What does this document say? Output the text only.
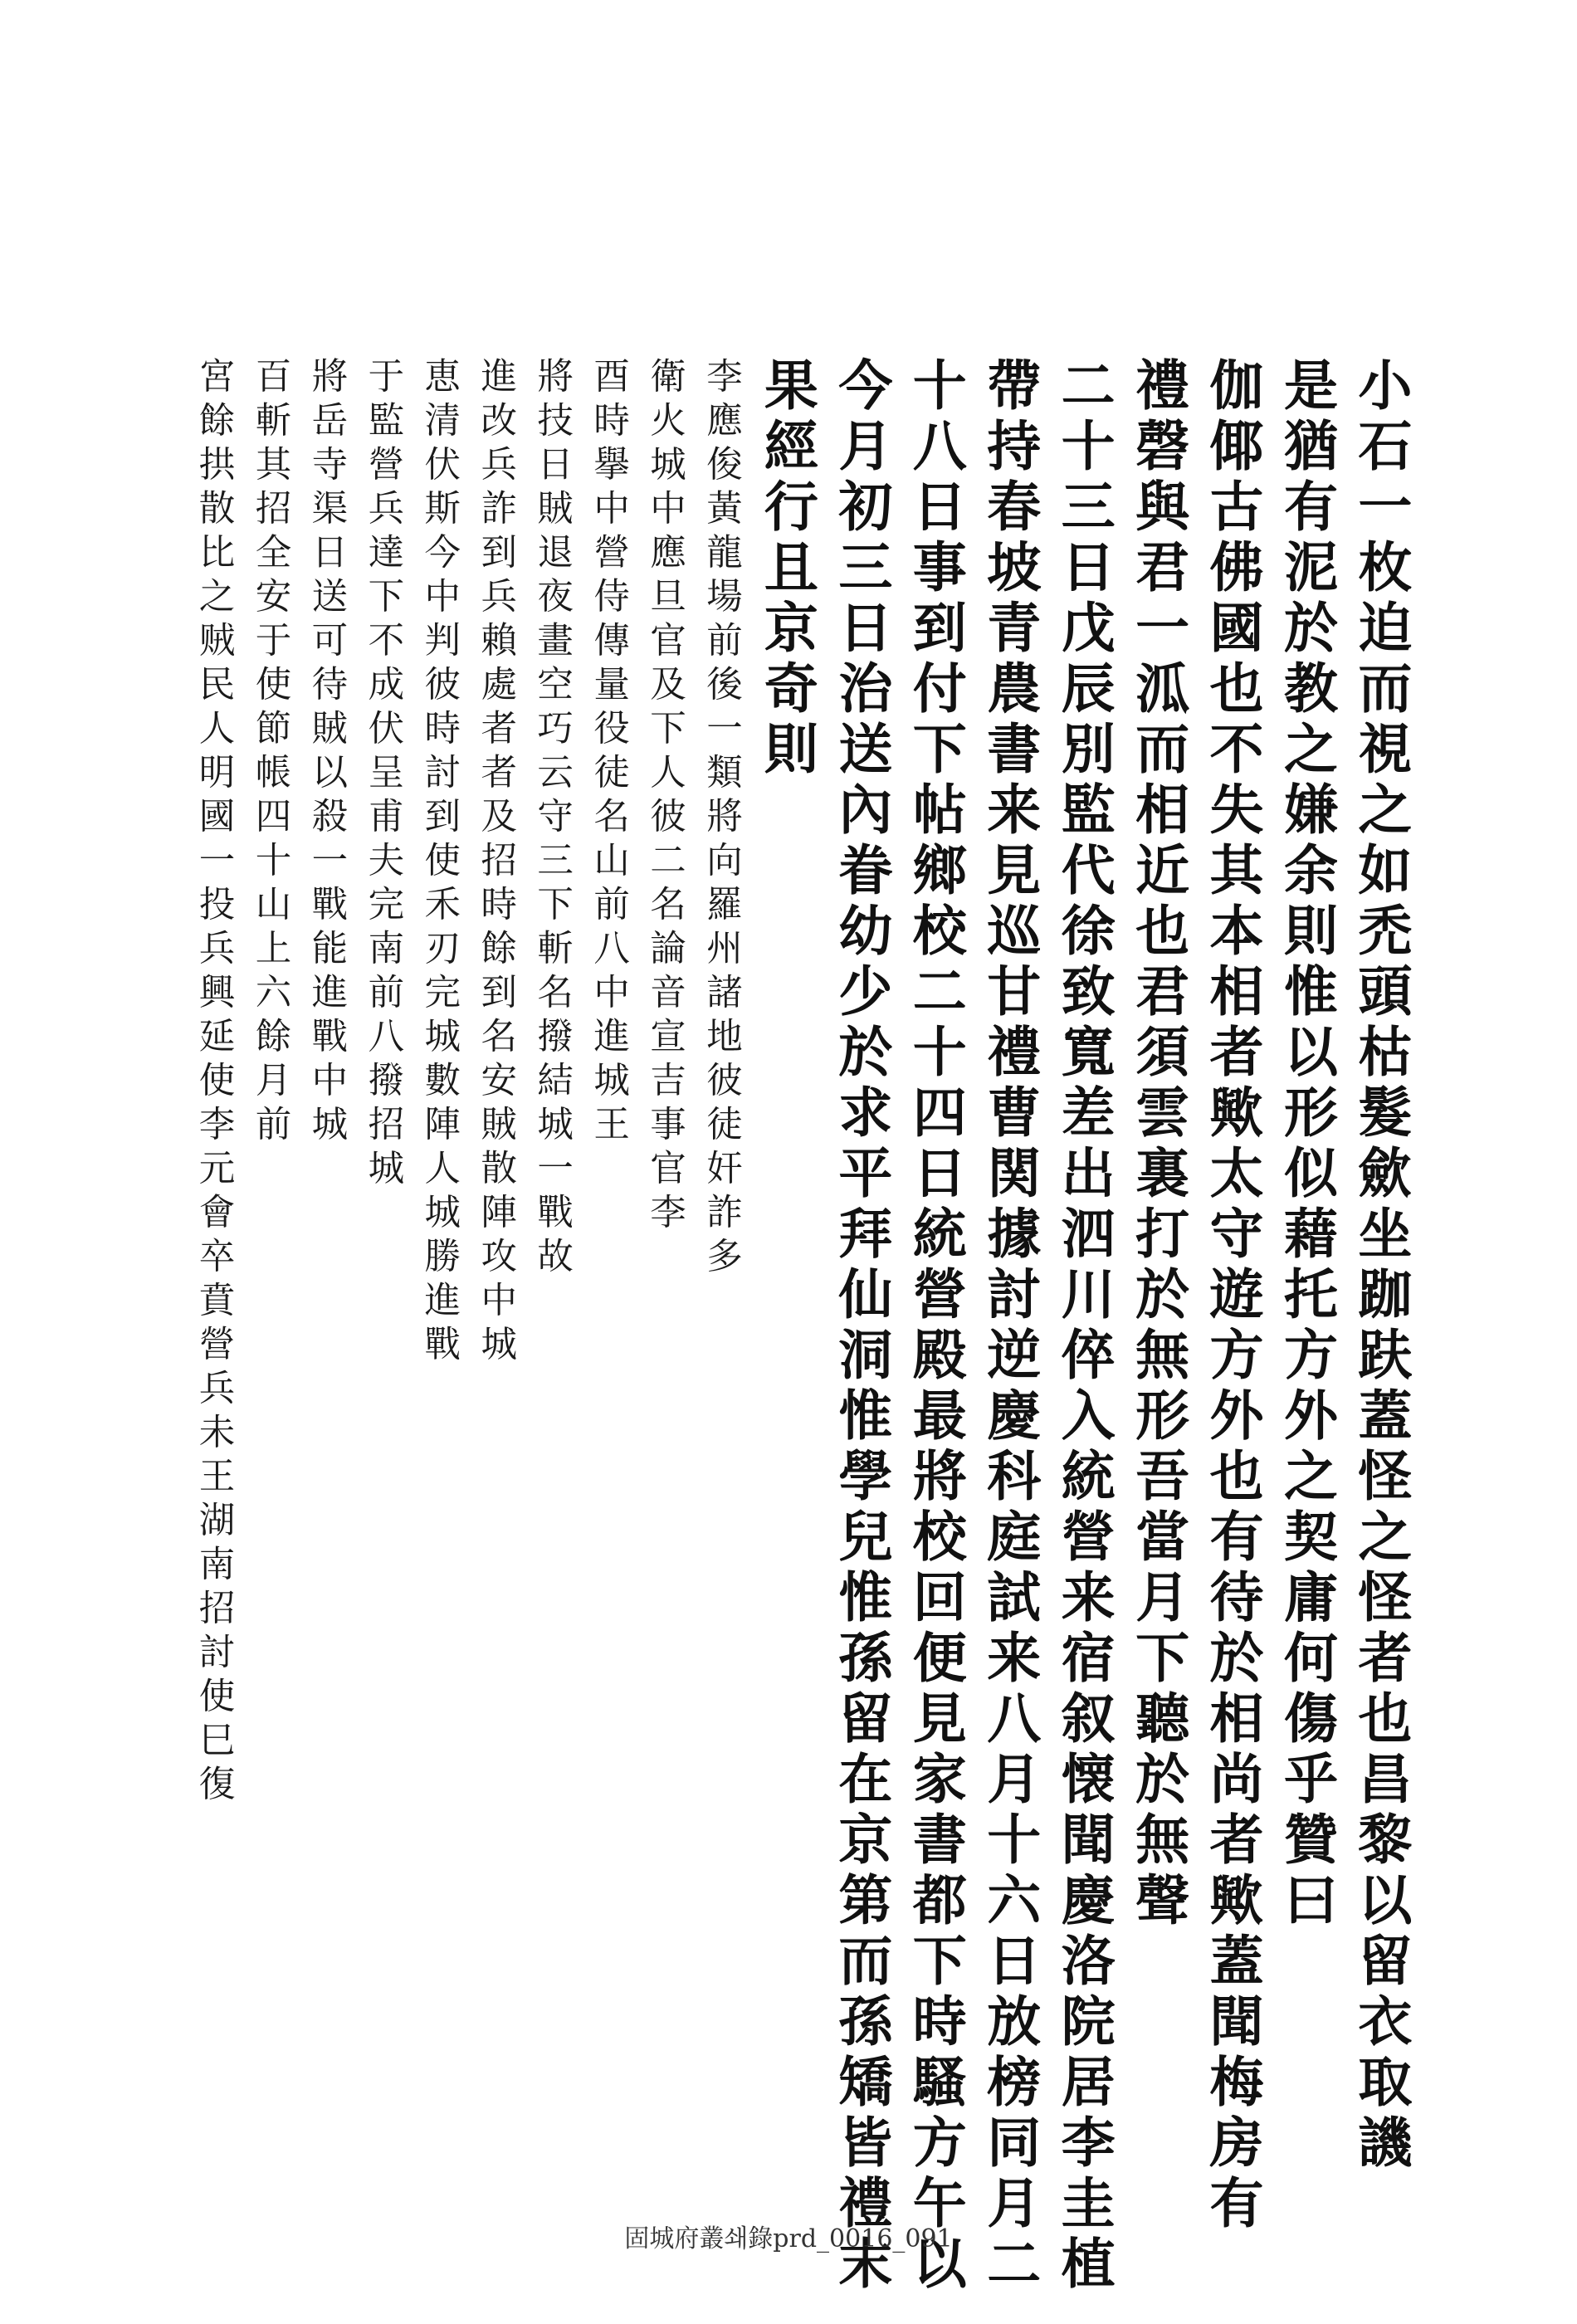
小石一枚迫而視之如禿頭枯髮歛坐跏趺蓋怪之怪者也昌黎以留衣取譏
是猶有泥於教之嫌余則惟以形似藉托方外之契庸何傷乎贊曰
伽倻古佛國也不失其本相者歟太守遊方外也有待於相尚者歟蓋聞梅房有
禮磬與君一泒而相近也君須雲裏打於無形吾當月下聽於無聲
二十三日戊辰別監代徐致寬差出泗川倅入統營来宿叙懐聞慶洛院居李圭植
帶持春坡青農書来見巡甘禮曹関據討逆慶科庭試来八月十六日放榜同月二
十八日事到付下帖鄉校二十四日統營殿最將校回便見家書都下時騷方午以
今月初三日治送內眷幼少於求平拜仙洞惟學兒惟孫留在京第而孫矯皆禮末
果經行且京奇則
李應俊黃龍場前後一類將向羅州諸地彼徒奸詐多
衛火城中應旦官及下人彼二名論音宣吉事官李
酉時擧中營侍傳量役徒名山前八中進城王
將技日賊退夜畫空巧云守三下斬名撥結城一戰故
進改兵詐到兵賴處者者及招時餘到名安賊散陣攻中城
恵清伏斯今中判彼時討到使禾刃完城數陣人城勝進戰
于監營兵達下不成伏呈甫夫完南前八撥招城
將岳寺渠日送可待賊以殺一戰能進戰中城
百斬其招全安于使節帳四十山上六餘月前
宮餘拱散比之贼民人明國一投兵興延使李元會卒賁營兵未王湖南招討使巳復
固城府叢쇄錄prd_0016_091
